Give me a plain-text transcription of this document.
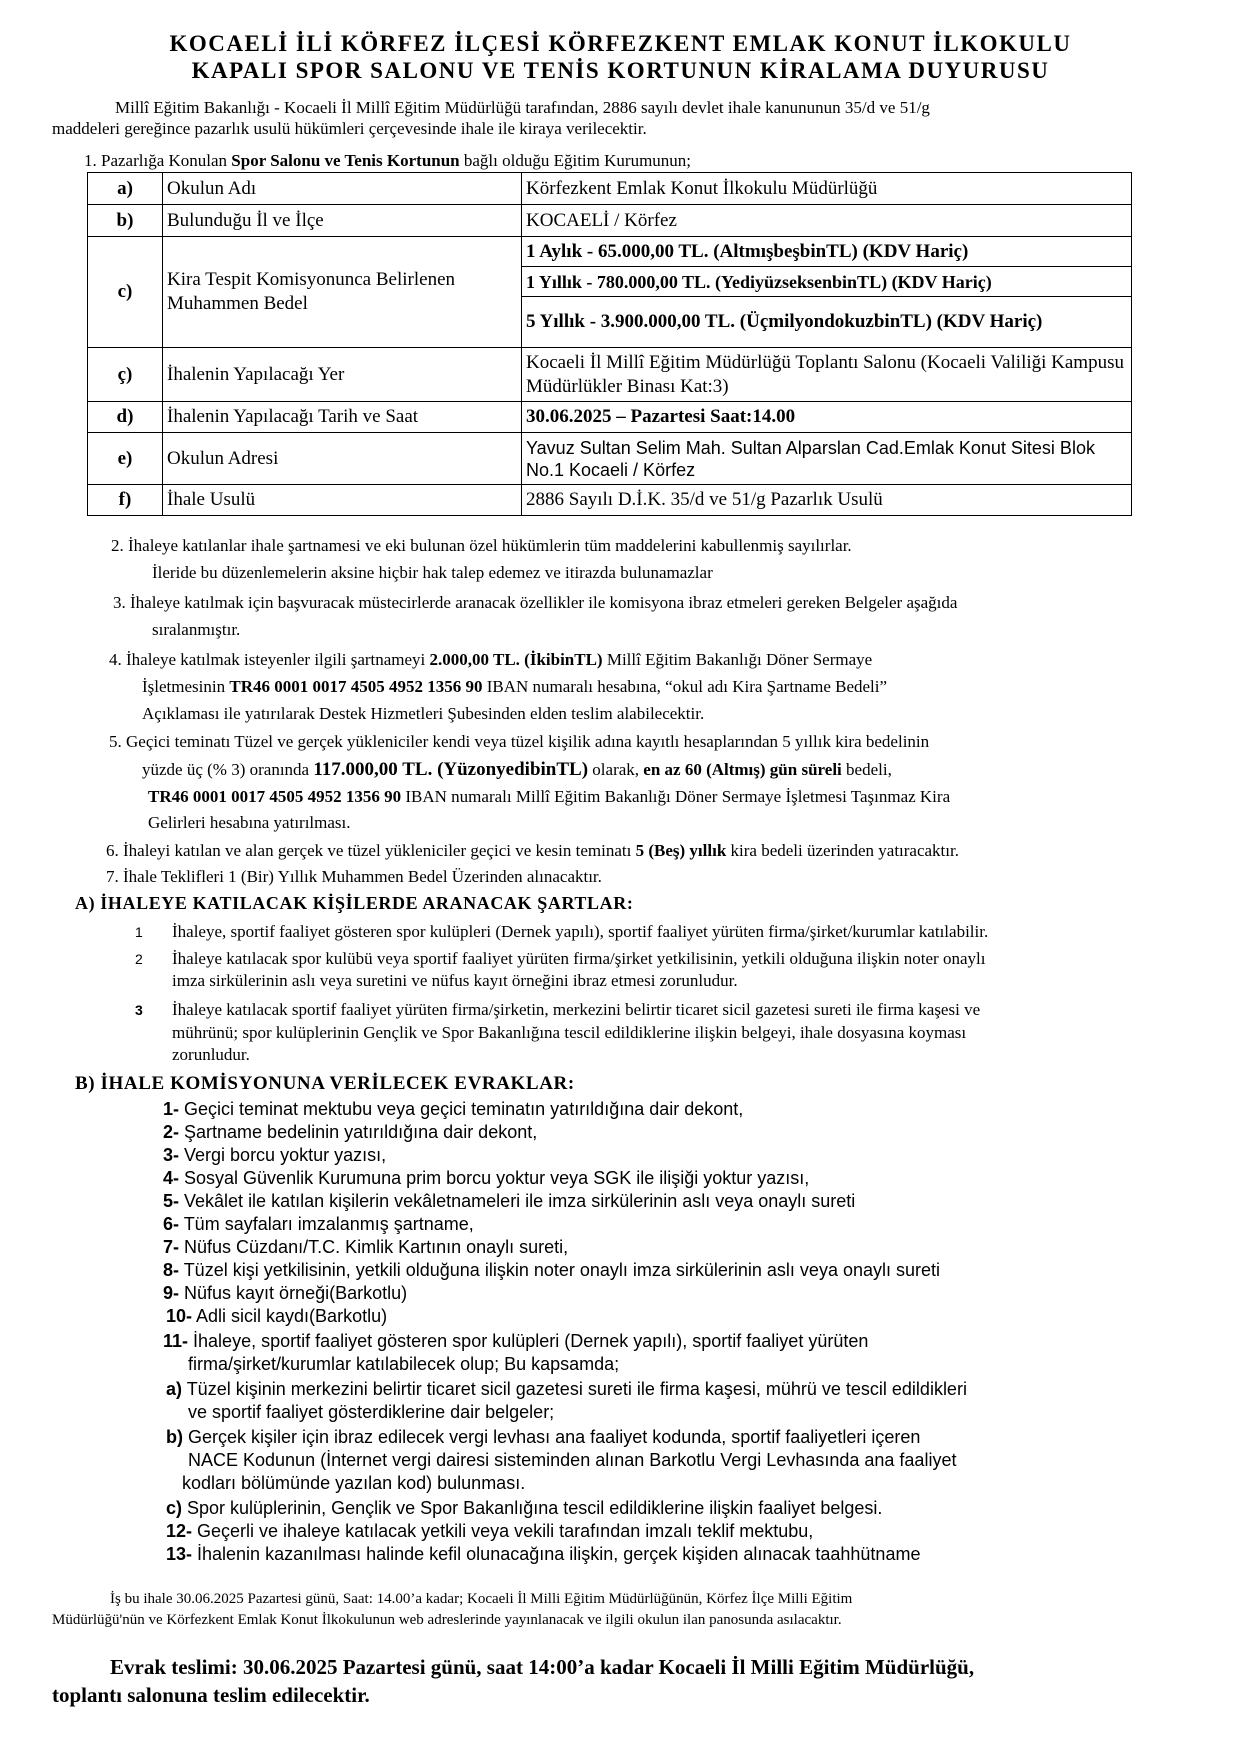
KOCAELİ İLİ KÖRFEZ İLÇESİ KÖRFEZKENT EMLAK KONUT İLKOKULU
KAPALI SPOR SALONU VE TENİS KORTUNUN KİRALAMA DUYURUSU
Millî Eğitim Bakanlığı - Kocaeli İl Millî Eğitim Müdürlüğü tarafından, 2886 sayılı devlet ihale kanununun 35/d ve 51/g
maddeleri gereğince pazarlık usulü hükümleri çerçevesinde ihale ile kiraya verilecektir.
1. Pazarlığa Konulan Spor Salonu ve Tenis Kortunun bağlı olduğu Eğitim Kurumunun;
a)	Okulun Adı	Körfezkent Emlak Konut İlkokulu Müdürlüğü
b)	Bulunduğu İl ve İlçe	KOCAELİ / Körfez
c)	Kira Tespit Komisyonunca Belirlenen Muhammen Bedel	1 Aylık - 65.000,00 TL. (AltmışbeşbinTL) (KDV Hariç)
		1 Yıllık - 780.000,00 TL. (YediyüzseksenbinTL) (KDV Hariç)
		5 Yıllık - 3.900.000,00 TL. (ÜçmilyondokuzbinTL) (KDV Hariç)
ç)	İhalenin Yapılacağı Yer	Kocaeli İl Millî Eğitim Müdürlüğü Toplantı Salonu (Kocaeli Valiliği Kampusu Müdürlükler Binası Kat:3)
d)	İhalenin Yapılacağı Tarih ve Saat	30.06.2025 – Pazartesi Saat:14.00
e)	Okulun Adresi	Yavuz Sultan Selim Mah. Sultan Alparslan Cad.Emlak Konut Sitesi Blok No.1 Kocaeli / Körfez
f)	İhale Usulü	2886 Sayılı D.İ.K. 35/d ve 51/g Pazarlık Usulü
2. İhaleye katılanlar ihale şartnamesi ve eki bulunan özel hükümlerin tüm maddelerini kabullenmiş sayılırlar.
İleride bu düzenlemelerin aksine hiçbir hak talep edemez ve itirazda bulunamazlar
3. İhaleye katılmak için başvuracak müstecirlerde aranacak özellikler ile komisyona ibraz etmeleri gereken Belgeler aşağıda
sıralanmıştır.
4. İhaleye katılmak isteyenler ilgili şartnameyi 2.000,00 TL. (İkibinTL) Millî Eğitim Bakanlığı Döner Sermaye
İşletmesinin TR46 0001 0017 4505 4952 1356 90 IBAN numaralı hesabına, “okul adı Kira Şartname Bedeli”
Açıklaması ile yatırılarak Destek Hizmetleri Şubesinden elden teslim alabilecektir.
5. Geçici teminatı Tüzel ve gerçek yükleniciler kendi veya tüzel kişilik adına kayıtlı hesaplarından 5 yıllık kira bedelinin
yüzde üç (% 3) oranında 117.000,00 TL. (YüzonyedibinTL) olarak, en az 60 (Altmış) gün süreli bedeli,
TR46 0001 0017 4505 4952 1356 90 IBAN numaralı Millî Eğitim Bakanlığı Döner Sermaye İşletmesi Taşınmaz Kira
Gelirleri hesabına yatırılması.
6. İhaleyi katılan ve alan gerçek ve tüzel yükleniciler geçici ve kesin teminatı 5 (Beş) yıllık kira bedeli üzerinden yatıracaktır.
7. İhale Teklifleri 1 (Bir) Yıllık Muhammen Bedel Üzerinden alınacaktır.
A) İHALEYE KATILACAK KİŞİLERDE ARANACAK ŞARTLAR:
1 İhaleye, sportif faaliyet gösteren spor kulüpleri (Dernek yapılı), sportif faaliyet yürüten firma/şirket/kurumlar katılabilir.
2 İhaleye katılacak spor kulübü veya sportif faaliyet yürüten firma/şirket yetkilisinin, yetkili olduğuna ilişkin noter onaylı
imza sirkülerinin aslı veya suretini ve nüfus kayıt örneğini ibraz etmesi zorunludur.
3 İhaleye katılacak sportif faaliyet yürüten firma/şirketin, merkezini belirtir ticaret sicil gazetesi sureti ile firma kaşesi ve
mührünü; spor kulüplerinin Gençlik ve Spor Bakanlığına tescil edildiklerine ilişkin belgeyi, ihale dosyasına koyması
zorunludur.
B) İHALE KOMİSYONUNA VERİLECEK EVRAKLAR:
1- Geçici teminat mektubu veya geçici teminatın yatırıldığına dair dekont,
2- Şartname bedelinin yatırıldığına dair dekont,
3- Vergi borcu yoktur yazısı,
4- Sosyal Güvenlik Kurumuna prim borcu yoktur veya SGK ile ilişiği yoktur yazısı,
5- Vekâlet ile katılan kişilerin vekâletnameleri ile imza sirkülerinin aslı veya onaylı sureti
6- Tüm sayfaları imzalanmış şartname,
7- Nüfus Cüzdanı/T.C. Kimlik Kartının onaylı sureti,
8- Tüzel kişi yetkilisinin, yetkili olduğuna ilişkin noter onaylı imza sirkülerinin aslı veya onaylı sureti
9- Nüfus kayıt örneği(Barkotlu)
10- Adli sicil kaydı(Barkotlu)
11- İhaleye, sportif faaliyet gösteren spor kulüpleri (Dernek yapılı), sportif faaliyet yürüten
firma/şirket/kurumlar katılabilecek olup; Bu kapsamda;
a) Tüzel kişinin merkezini belirtir ticaret sicil gazetesi sureti ile firma kaşesi, mührü ve tescil edildikleri
ve sportif faaliyet gösterdiklerine dair belgeler;
b) Gerçek kişiler için ibraz edilecek vergi levhası ana faaliyet kodunda, sportif faaliyetleri içeren
NACE Kodunun (İnternet vergi dairesi sisteminden alınan Barkotlu Vergi Levhasında ana faaliyet
kodları bölümünde yazılan kod) bulunması.
c) Spor kulüplerinin, Gençlik ve Spor Bakanlığına tescil edildiklerine ilişkin faaliyet belgesi.
12- Geçerli ve ihaleye katılacak yetkili veya vekili tarafından imzalı teklif mektubu,
13- İhalenin kazanılması halinde kefil olunacağına ilişkin, gerçek kişiden alınacak taahhütname
İş bu ihale 30.06.2025 Pazartesi günü, Saat: 14.00’a kadar; Kocaeli İl Milli Eğitim Müdürlüğünün, Körfez İlçe Milli Eğitim
Müdürlüğü'nün ve Körfezkent Emlak Konut İlkokulunun web adreslerinde yayınlanacak ve ilgili okulun ilan panosunda asılacaktır.
Evrak teslimi: 30.06.2025 Pazartesi günü, saat 14:00’a kadar Kocaeli İl Milli Eğitim Müdürlüğü,
toplantı salonuna teslim edilecektir.
